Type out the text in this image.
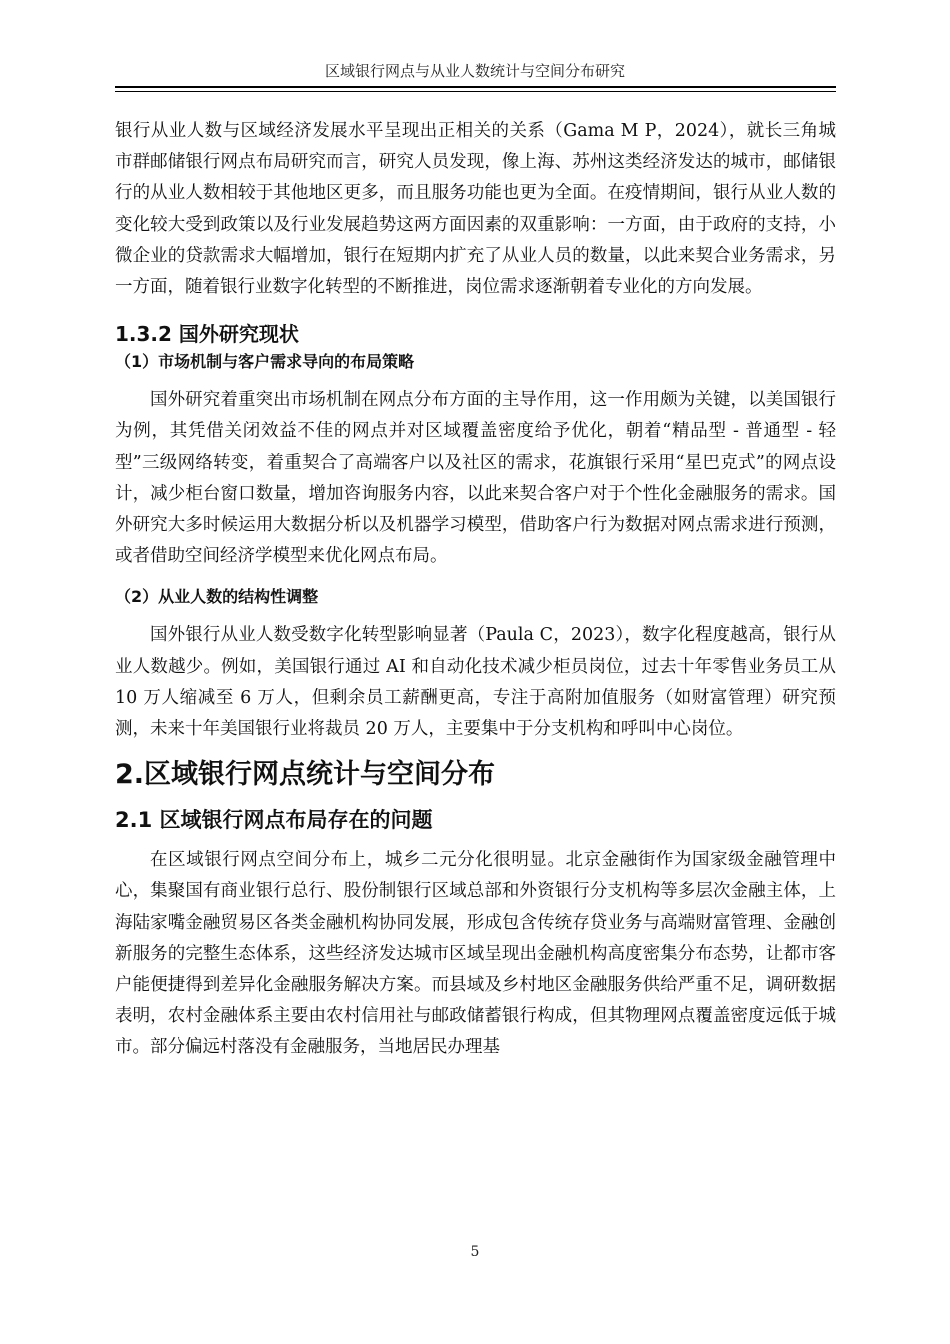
区域银行网点与从业人数统计与空间分布研究

银行从业人数与区域经济发展水平呈现出正相关的关系（Gama M P，2024），就长三角城市群邮储银行网点布局研究而言，研究人员发现，像上海、苏州这类经济发达的城市，邮储银行的从业人数相较于其他地区更多，而且服务功能也更为全面。在疫情期间，银行从业人数的变化较大受到政策以及行业发展趋势这两方面因素的双重影响：一方面，由于政府的支持，小微企业的贷款需求大幅增加，银行在短期内扩充了从业人员的数量，以此来契合业务需求，另一方面，随着银行业数字化转型的不断推进，岗位需求逐渐朝着专业化的方向发展。

1.3.2 国外研究现状
（1）市场机制与客户需求导向的布局策略

国外研究着重突出市场机制在网点分布方面的主导作用，这一作用颇为关键，以美国银行为例，其凭借关闭效益不佳的网点并对区域覆盖密度给予优化，朝着“精品型 - 普通型 - 轻型”三级网络转变，着重契合了高端客户以及社区的需求，花旗银行采用“星巴克式”的网点设计，减少柜台窗口数量，增加咨询服务内容，以此来契合客户对于个性化金融服务的需求。国外研究大多时候运用大数据分析以及机器学习模型，借助客户行为数据对网点需求进行预测，或者借助空间经济学模型来优化网点布局。

（2）从业人数的结构性调整

国外银行从业人数受数字化转型影响显著（Paula C，2023），数字化程度越高，银行从业人数越少。例如，美国银行通过 AI 和自动化技术减少柜员岗位，过去十年零售业务员工从 10 万人缩减至 6 万人，但剩余员工薪酬更高，专注于高附加值服务（如财富管理）研究预测，未来十年美国银行业将裁员 20 万人，主要集中于分支机构和呼叫中心岗位。

2.区域银行网点统计与空间分布
2.1 区域银行网点布局存在的问题

在区域银行网点空间分布上，城乡二元分化很明显。北京金融街作为国家级金融管理中心，集聚国有商业银行总行、股份制银行区域总部和外资银行分支机构等多层次金融主体，上海陆家嘴金融贸易区各类金融机构协同发展，形成包含传统存贷业务与高端财富管理、金融创新服务的完整生态体系，这些经济发达城市区域呈现出金融机构高度密集分布态势，让都市客户能便捷得到差异化金融服务解决方案。而县域及乡村地区金融服务供给严重不足，调研数据表明，农村金融体系主要由农村信用社与邮政储蓄银行构成，但其物理网点覆盖密度远低于城市。部分偏远村落没有金融服务，当地居民办理基

5
